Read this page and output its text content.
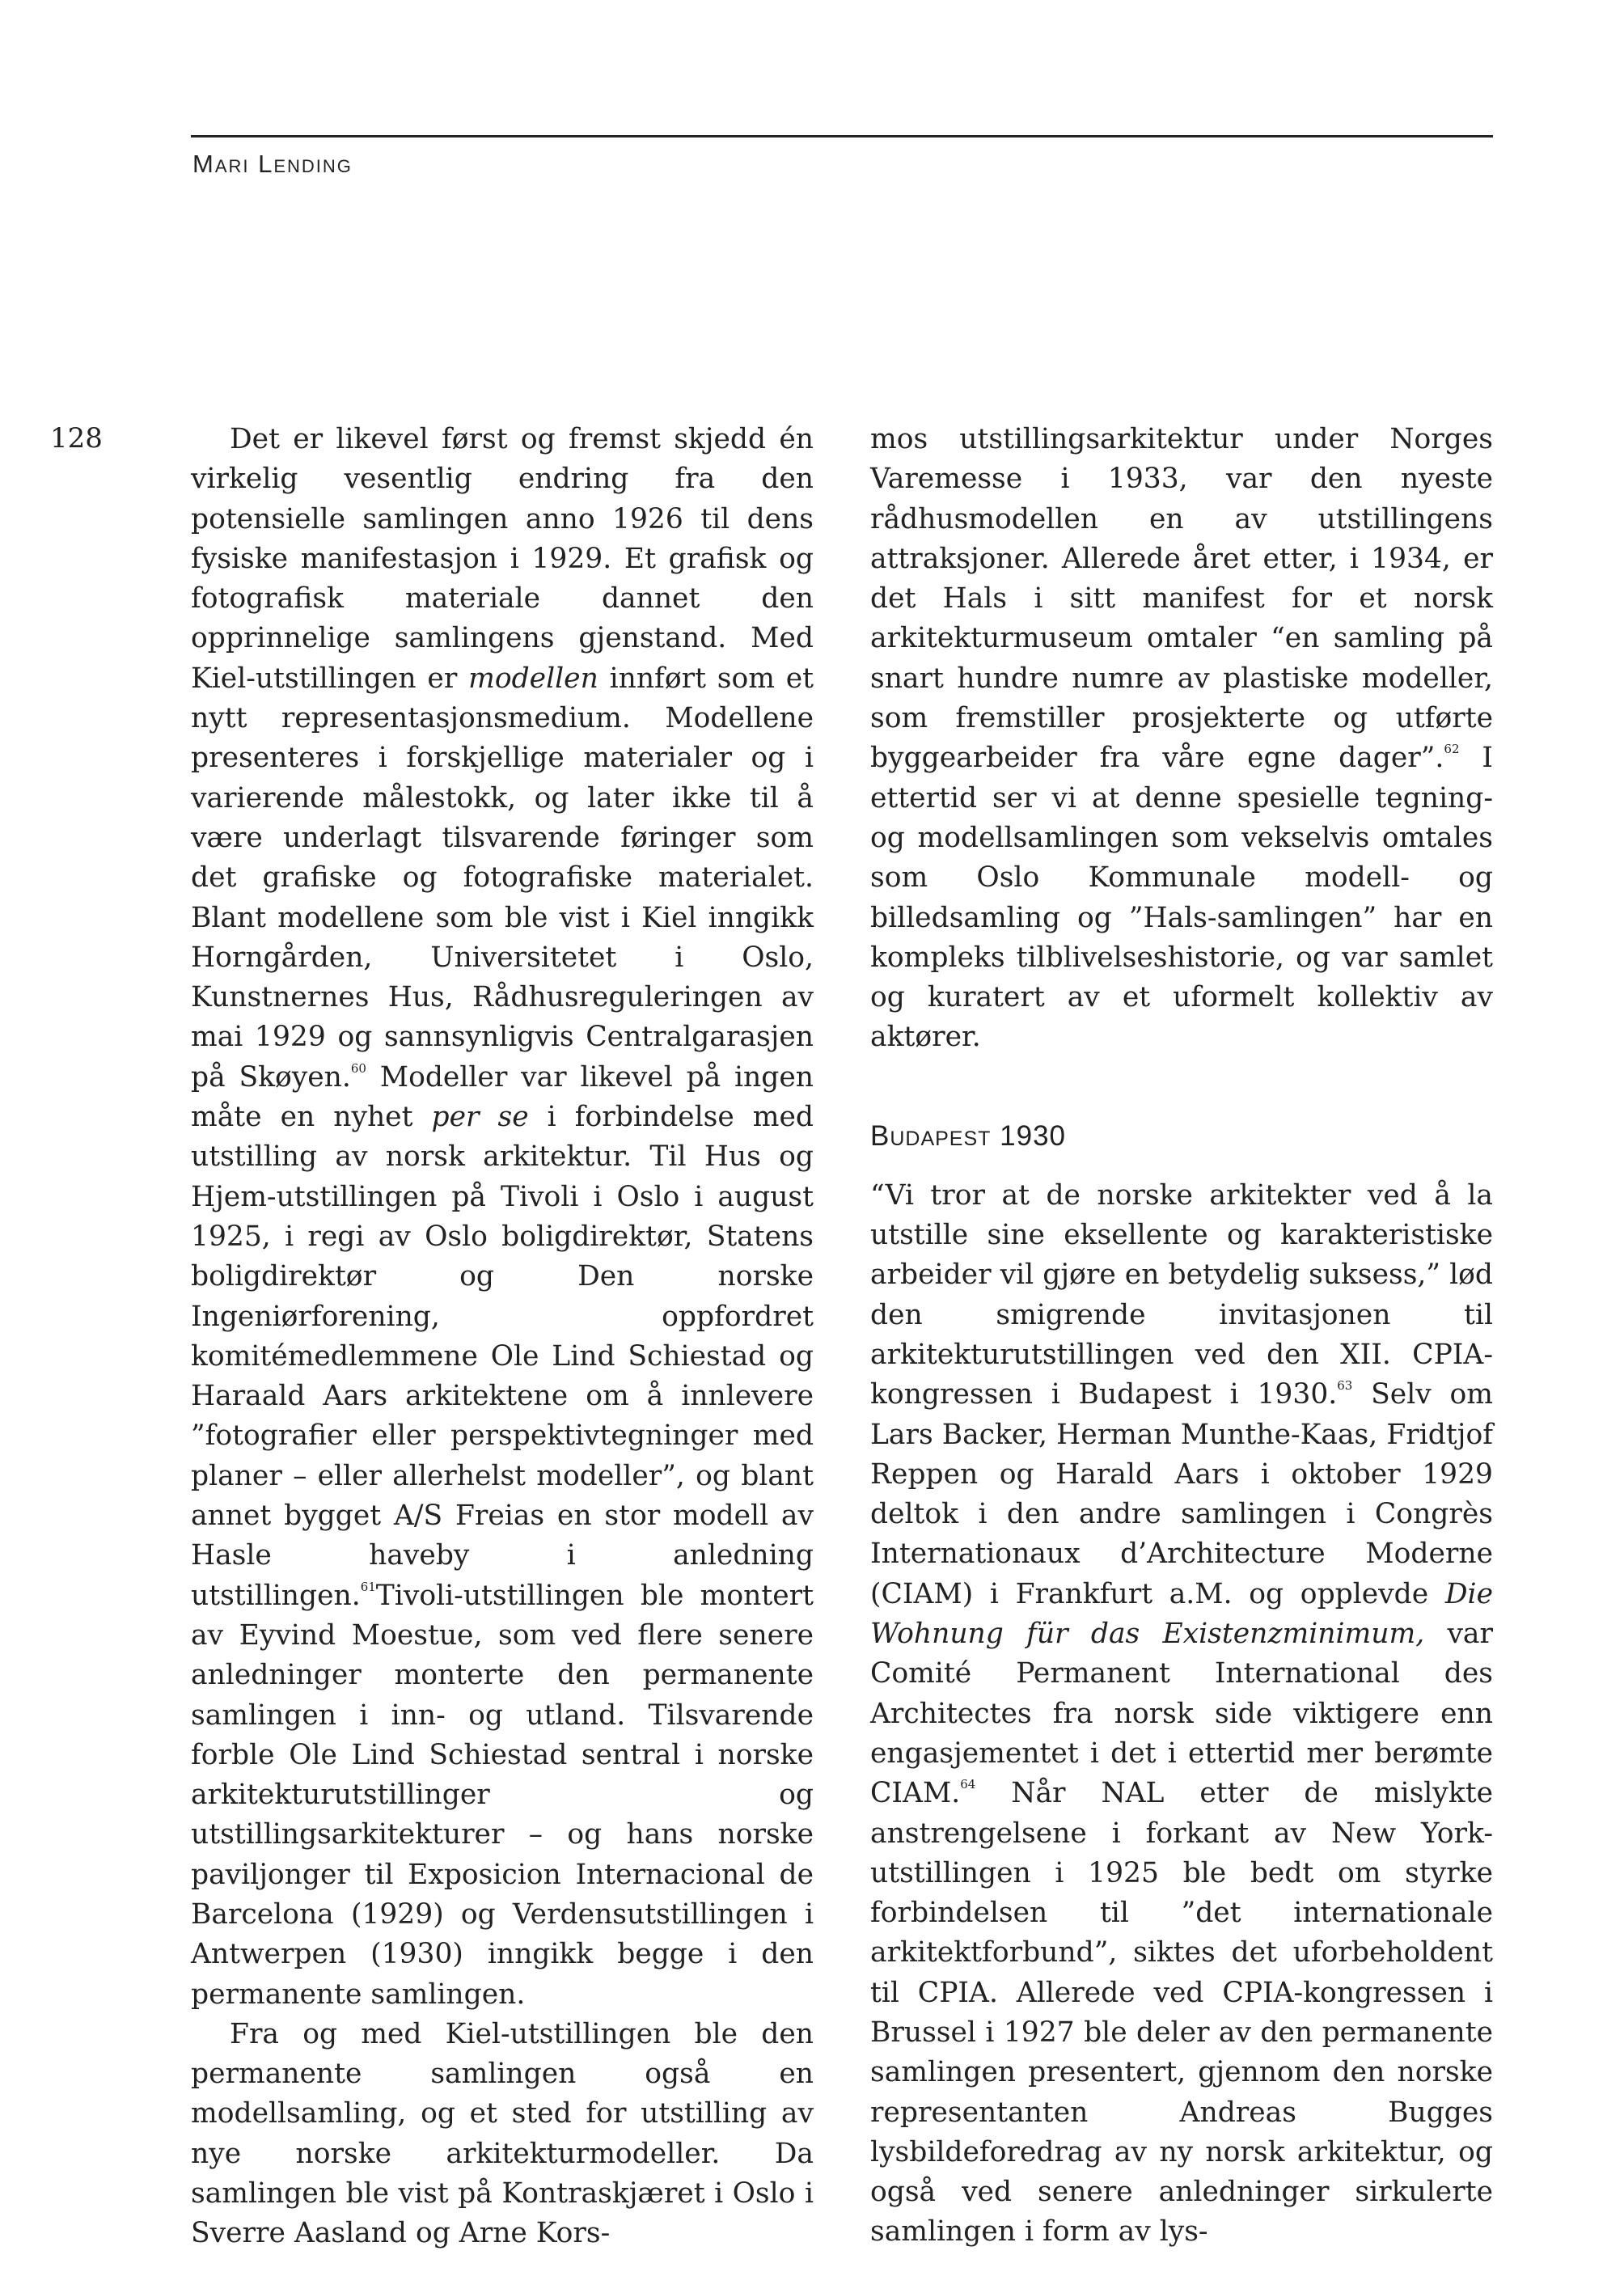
Mari Lending
128	Det er likevel først og fremst skjedd én virkelig vesentlig endring fra den potensielle samlingen anno 1926 til dens fysiske manifestasjon i 1929. Et grafisk og fotografisk materiale dannet den opprinnelige samlingens gjenstand. Med Kiel-utstillingen er modellen innført som et nytt representasjonsmedium. Modellene presenteres i forskjellige materialer og i varierende målestokk, og later ikke til å være underlagt tilsvarende føringer som det grafiske og fotografiske materialet. Blant modellene som ble vist i Kiel inngikk Horngården, Universitetet i Oslo, Kunstnernes Hus, Rådhusreguleringen av mai 1929 og sannsynligvis Centralgarasjen på Skøyen.$^{60}$ Modeller var likevel på ingen måte en nyhet per se i forbindelse med utstilling av norsk arkitektur. Til Hus og Hjem-utstillingen på Tivoli i Oslo i august 1925, i regi av Oslo boligdirektør, Statens boligdirektør og Den norske Ingeniørforening, oppfordret komitémedlemmene Ole Lind Schiestad og Haraald Aars arkitektene om å innlevere ”fotografier eller perspektivtegninger med planer – eller allerhelst modeller”, og blant annet bygget A/S Freias en stor modell av Hasle haveby i anledning utstillingen.$^{61}$Tivoli-utstillingen ble montert av Eyvind Moestue, som ved flere senere anledninger monterte den permanente samlingen i inn- og utland. Tilsvarende forble Ole Lind Schiestad sentral i norske arkitekturutstillinger og utstillingsarkitekturer – og hans norske paviljonger til Exposicion Internacional de Barcelona (1929) og Verdensutstillingen i Antwerpen (1930) inngikk begge i den permanente samlingen.

Fra og med Kiel-utstillingen ble den permanente samlingen også en modellsamling, og et sted for utstilling av nye norske arkitekturmodeller. Da samlingen ble vist på Kontraskjæret i Oslo i Sverre Aasland og Arne Kors-

mos utstillingsarkitektur under Norges Varemesse i 1933, var den nyeste rådhusmodellen en av utstillingens attraksjoner. Allerede året etter, i 1934, er det Hals i sitt manifest for et norsk arkitekturmuseum omtaler “en samling på snart hundre numre av plastiske modeller, som fremstiller prosjekterte og utførte byggearbeider fra våre egne dager”.$^{62}$ I ettertid ser vi at denne spesielle tegning- og modellsamlingen som vekselvis omtales som Oslo Kommunale modell- og billedsamling og ”Hals-samlingen” har en kompleks tilblivelseshistorie, og var samlet og kuratert av et uformelt kollektiv av aktører.

Budapest 1930

“Vi tror at de norske arkitekter ved å la utstille sine eksellente og karakteristiske arbeider vil gjøre en betydelig suksess,” lød den smigrende invitasjonen til arkitekturutstillingen ved den XII. CPIA-kongressen i Budapest i 1930.63 Selv om Lars Backer, Herman Munthe-Kaas, Fridtjof Reppen og Harald Aars i oktober 1929 deltok i den andre samlingen i Congrès Internationaux d’Architecture Moderne (CIAM) i Frankfurt a.M. og opplevde Die Wohnung für das Existenzminimum, var Comité Permanent International des Architectes fra norsk side viktigere enn engasjementet i det i ettertid mer berømte CIAM.$^{64}$ Når NAL etter de mislykte anstrengelsene i forkant av New York-utstillingen i 1925 ble bedt om styrke forbindelsen til ”det internationale arkitektforbund”, siktes det uforbeholdent til CPIA. Allerede ved CPIA-kongressen i Brussel i 1927 ble deler av den permanente samlingen presentert, gjennom den norske representanten Andreas Bugges lysbildeforedrag av ny norsk arkitektur, og også ved senere anledninger sirkulerte samlingen i form av lys-
